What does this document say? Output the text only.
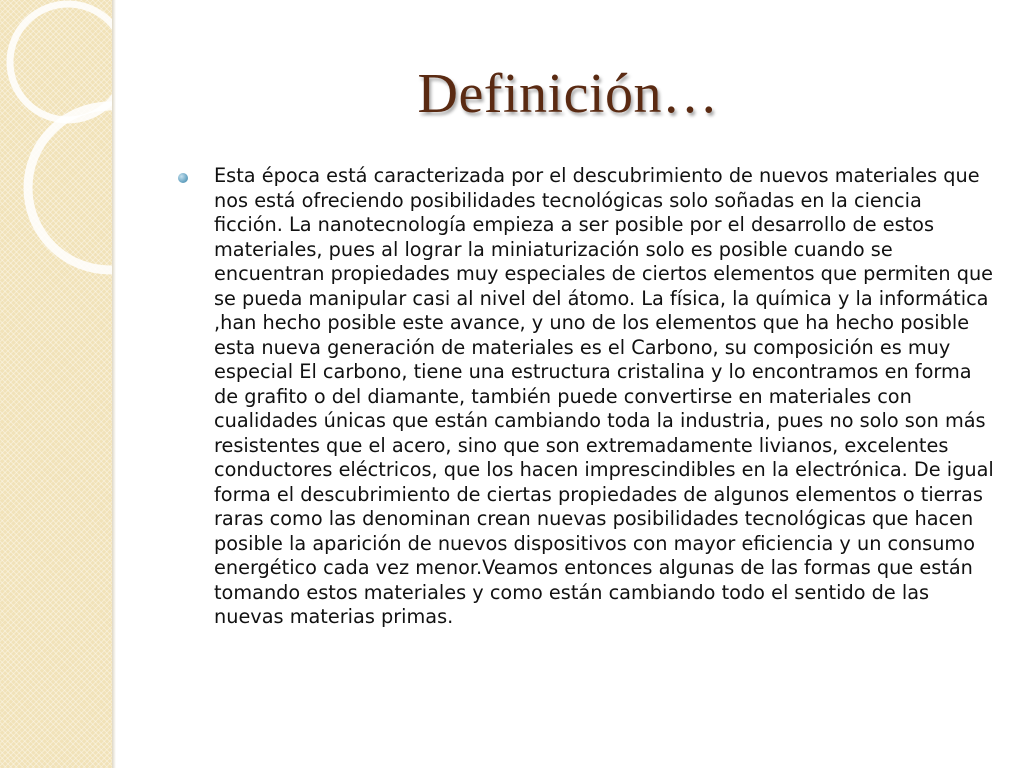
Definición…

Esta época está caracterizada por el descubrimiento de nuevos materiales que nos está ofreciendo posibilidades tecnológicas solo soñadas en la ciencia ficción. La nanotecnología empieza a ser posible por el desarrollo de estos materiales, pues al lograr la miniaturización solo es posible cuando se encuentran propiedades muy especiales de ciertos elementos que permiten que se pueda manipular casi al nivel del átomo. La física, la química y la informática ,han hecho posible este avance, y uno de los elementos que ha hecho posible esta nueva generación de materiales es el Carbono, su composición es muy especial El carbono, tiene una estructura cristalina y lo encontramos en forma de grafito o del diamante, también puede convertirse en materiales con cualidades únicas que están cambiando toda la industria, pues no solo son más resistentes que el acero, sino que son extremadamente livianos, excelentes conductores eléctricos, que los hacen imprescindibles en la electrónica. De igual forma el descubrimiento de ciertas propiedades de algunos elementos o tierras raras como las denominan crean nuevas posibilidades tecnológicas que hacen posible la aparición de nuevos dispositivos con mayor eficiencia y un consumo energético cada vez menor.Veamos entonces algunas de las formas que están tomando estos materiales y como están cambiando todo el sentido de las nuevas materias primas.
